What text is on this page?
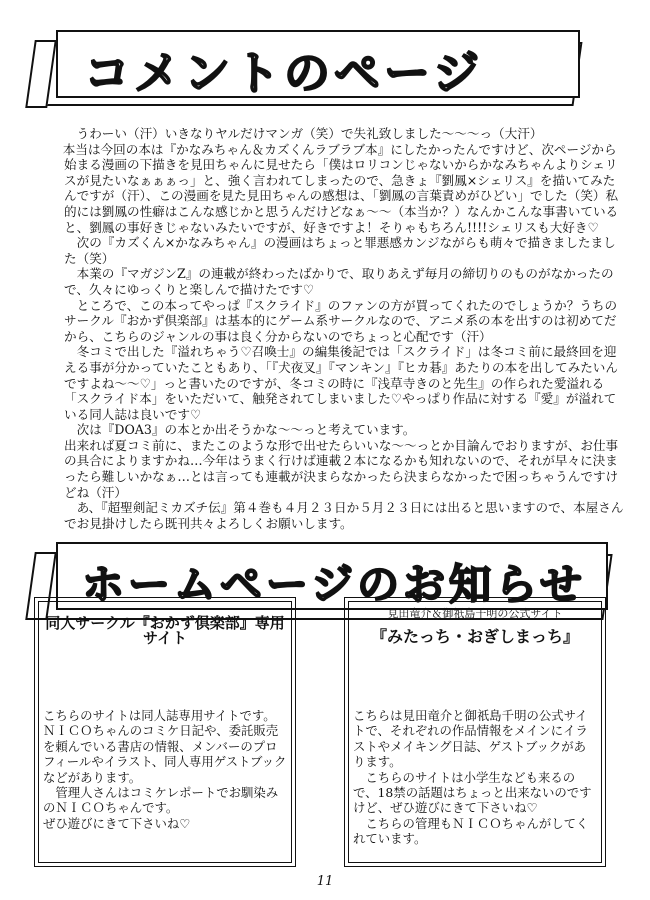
コメントのページ

うわーい（汗）いきなりヤルだけマンガ（笑）で失礼致しました〜〜〜っ（大汗）

本当は今回の本は『かなみちゃん＆カズくんラブラブ本』にしたかったんですけど、次ページから始まる漫画の下描きを見田ちゃんに見せたら「僕はロリコンじゃないからかなみちゃんよりシェリスが見たいなぁぁぁっ」と、強く言われてしまったので、急きょ『劉鳳×シェリス』を描いてみたんですが（汗）、この漫画を見た見田ちゃんの感想は、「劉鳳の言葉責めがひどい」でした（笑）私的には劉鳳の性癖はこんな感じかと思うんだけどなぁ〜〜（本当か？）なんかこんな事書いていると、劉鳳の事好きじゃないみたいですが、好きですよ！そりゃもちろん!!!!シェリスも大好き♡

次の『カズくん×かなみちゃん』の漫画はちょっと罪悪感カンジながらも萌々で描きましたました（笑）

本業の『マガジンZ』の連載が終わったばかりで、取りあえず毎月の締切りのものがなかったので、久々にゆっくりと楽しんで描けたです♡

ところで、この本ってやっぱ『スクライド』のファンの方が買ってくれたのでしょうか？うちのサークル『おかず倶楽部』は基本的にゲーム系サークルなので、アニメ系の本を出すのは初めてだから、こちらのジャンルの事は良く分からないのでちょっと心配です（汗）

冬コミで出した『溢れちゃう♡召喚士』の編集後記では「スクライド」は冬コミ前に最終回を迎える事が分かっていたこともあり、「『犬夜叉』『マンキン』『ヒカ碁』あたりの本を出してみたいんですよね〜〜♡」っと書いたのですが、冬コミの時に『浅草寺きのと先生』の作られた愛溢れる「スクライド本」をいただいて、触発されてしまいました♡やっぱり作品に対する『愛』が溢れている同人誌は良いです♡

次は『DOA3』の本とか出そうかな〜〜っと考えています。

出来れば夏コミ前に、またこのような形で出せたらいいな〜〜っとか目論んでおりますが、お仕事の具合によりますかね…今年はうまく行けば連載２本になるかも知れないので、それが早々に決まったら難しいかなぁ…とは言っても連載が決まらなかったら決まらなかったで困っちゃうんですけどね（汗）

あ、『超聖剣記ミカズチ伝』第４巻も４月２３日か５月２３日には出ると思いますので、本屋さんでお見掛けしたら既刊共々よろしくお願いします。

ホームページのお知らせ
同人サークル『おかず倶楽部』専用サイト

こちらのサイトは同人誌専用サイトです。

ＮＩＣＯちゃんのコミケ日記や、委託販売を頼んでいる書店の情報、メンバーのプロフィールやイラスト、同人専用ゲストブックなどがあります。

管理人さんはコミケレポートでお馴染みのＮＩＣＯちゃんです。

ぜひ遊びにきて下さいね♡

見田竜介＆御祇島千明の公式サイト
『みたっち・おぎしまっち』

こちらは見田竜介と御祇島千明の公式サイトで、それぞれの作品情報をメインにイラストやメイキング日誌、ゲストブックがあります。

こちらのサイトは小学生なども来るので、18禁の話題はちょっと出来ないのですけど、ぜひ遊びにきて下さいね♡

こちらの管理もＮＩＣＯちゃんがしてくれています。

11
